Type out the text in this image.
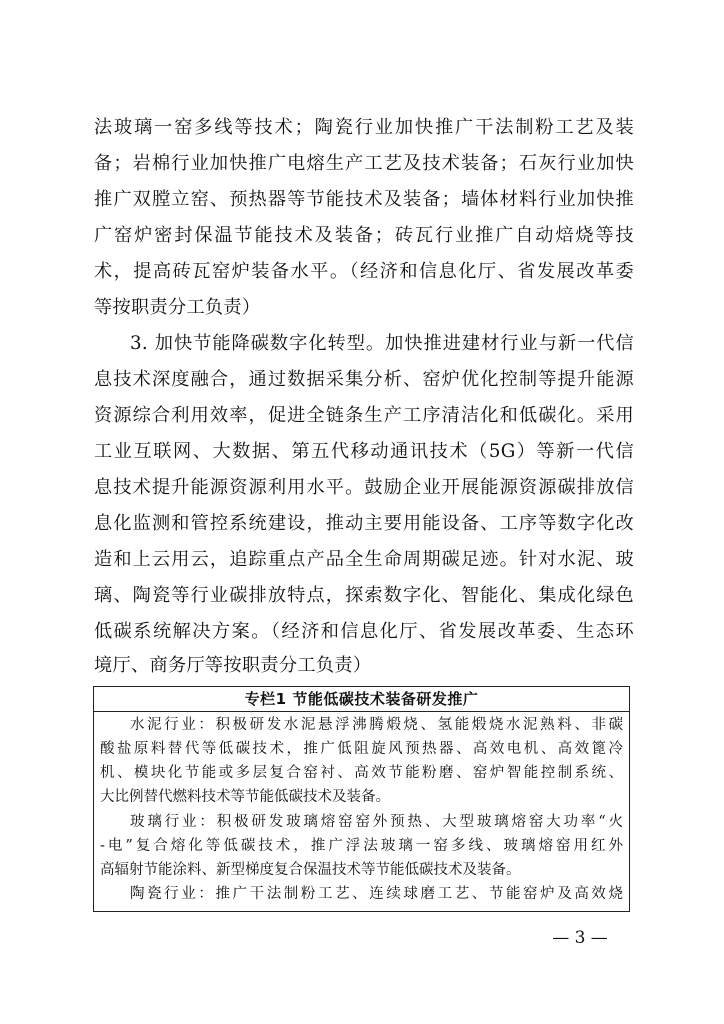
法玻璃一窑多线等技术；陶瓷行业加快推广干法制粉工艺及装
备；岩棉行业加快推广电熔生产工艺及技术装备；石灰行业加快
推广双膛立窑、预热器等节能技术及装备；墙体材料行业加快推
广窑炉密封保温节能技术及装备；砖瓦行业推广自动焙烧等技
术，提高砖瓦窑炉装备水平。（经济和信息化厅、省发展改革委
等按职责分工负责）
3. 加快节能降碳数字化转型。加快推进建材行业与新一代信
息技术深度融合，通过数据采集分析、窑炉优化控制等提升能源
资源综合利用效率，促进全链条生产工序清洁化和低碳化。采用
工业互联网、大数据、第五代移动通讯技术（5G）等新一代信
息技术提升能源资源利用水平。鼓励企业开展能源资源碳排放信
息化监测和管控系统建设，推动主要用能设备、工序等数字化改
造和上云用云，追踪重点产品全生命周期碳足迹。针对水泥、玻
璃、陶瓷等行业碳排放特点，探索数字化、智能化、集成化绿色
低碳系统解决方案。（经济和信息化厅、省发展改革委、生态环
境厅、商务厅等按职责分工负责）
专栏1 节能低碳技术装备研发推广
水泥行业：积极研发水泥悬浮沸腾煅烧、氢能煅烧水泥熟料、非碳
酸盐原料替代等低碳技术，推广低阻旋风预热器、高效电机、高效篦冷
机、模块化节能或多层复合窑衬、高效节能粉磨、窑炉智能控制系统、
大比例替代燃料技术等节能低碳技术及装备。
玻璃行业：积极研发玻璃熔窑窑外预热、大型玻璃熔窑大功率“火
-电”复合熔化等低碳技术，推广浮法玻璃一窑多线、玻璃熔窑用红外
高辐射节能涂料、新型梯度复合保温技术等节能低碳技术及装备。
陶瓷行业：推广干法制粉工艺、连续球磨工艺、节能窑炉及高效烧
— 3 —
